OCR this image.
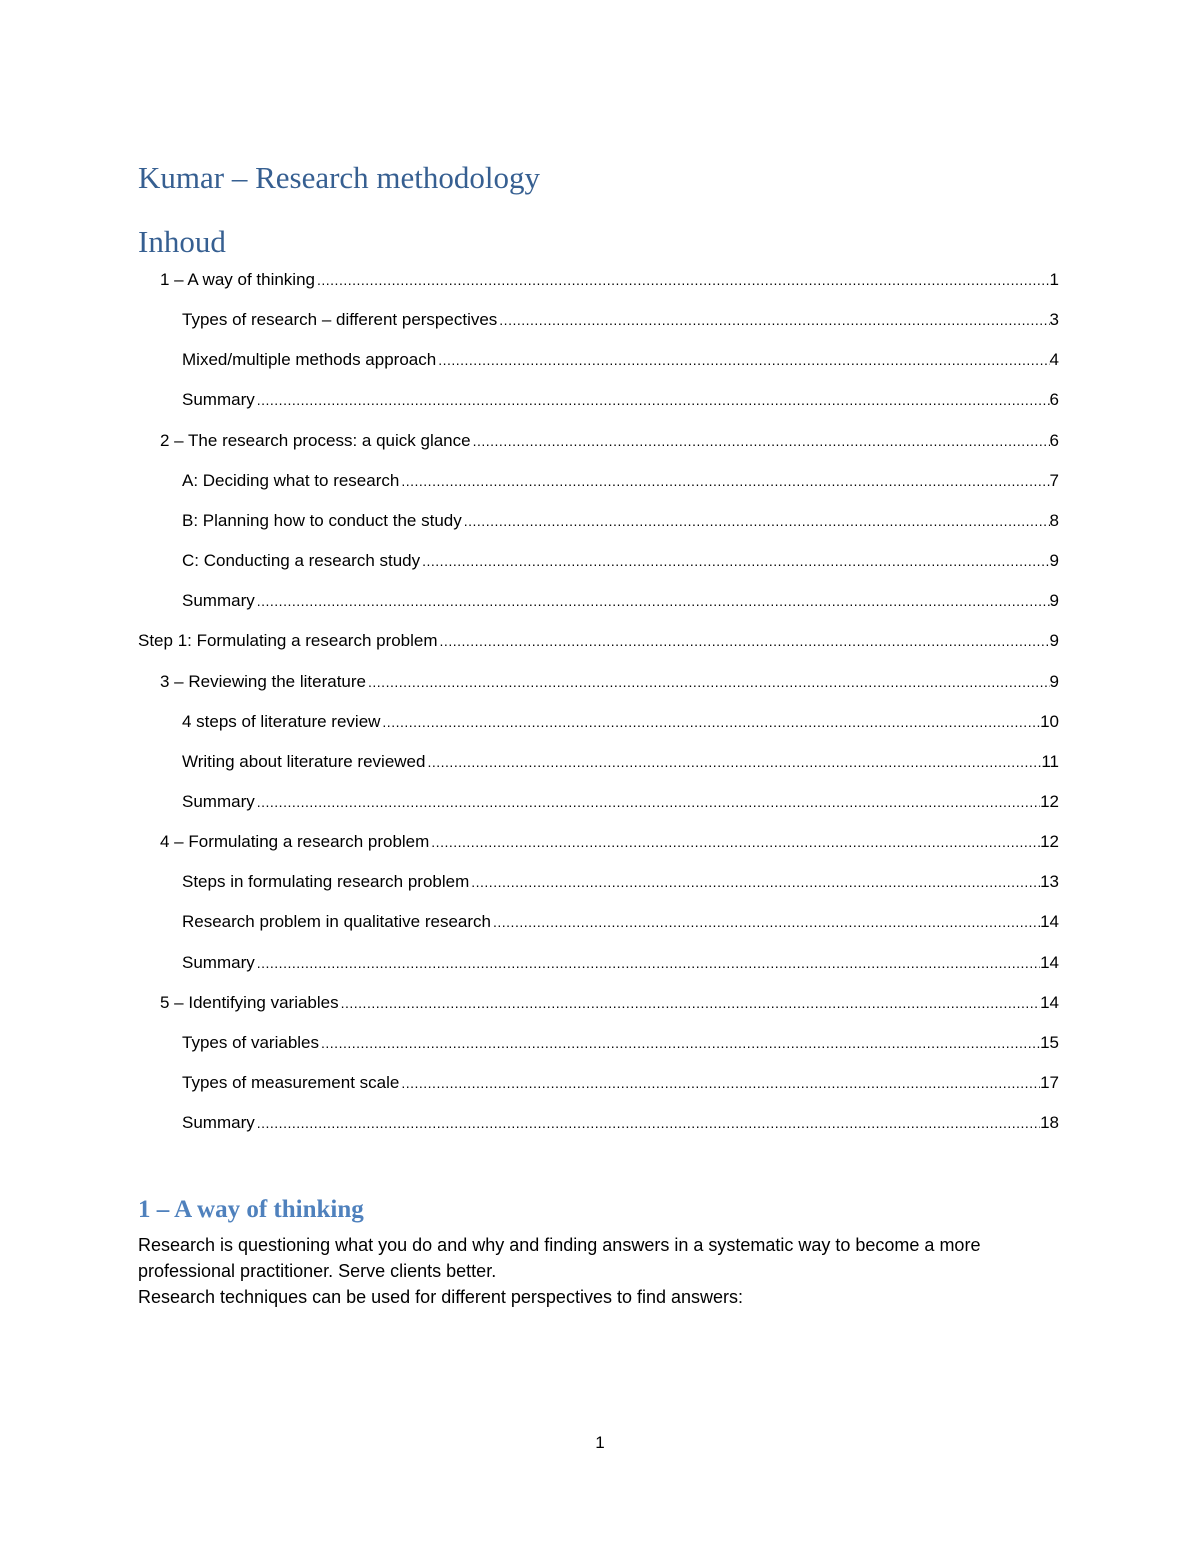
Kumar – Research methodology
Inhoud
1 – A way of thinking .....	1
Types of research – different perspectives .....	3
Mixed/multiple methods approach .....	4
Summary .....	6
2 – The research process: a quick glance .....	6
A: Deciding what to research .....	7
B: Planning how to conduct the study .....	8
C: Conducting a research study .....	9
Summary .....	9
Step 1: Formulating a research problem .....	9
3 – Reviewing the literature .....	9
4 steps of literature review .....	10
Writing about literature reviewed .....	11
Summary .....	12
4 – Formulating a research problem .....	12
Steps in formulating research problem .....	13
Research problem in qualitative research .....	14
Summary .....	14
5 – Identifying variables .....	14
Types of variables .....	15
Types of measurement scale .....	17
Summary .....	18
1 – A way of thinking

Research is questioning what you do and why and finding answers in a systematic way to become a more professional practitioner. Serve clients better.

Research techniques can be used for different perspectives to find answers:

1
